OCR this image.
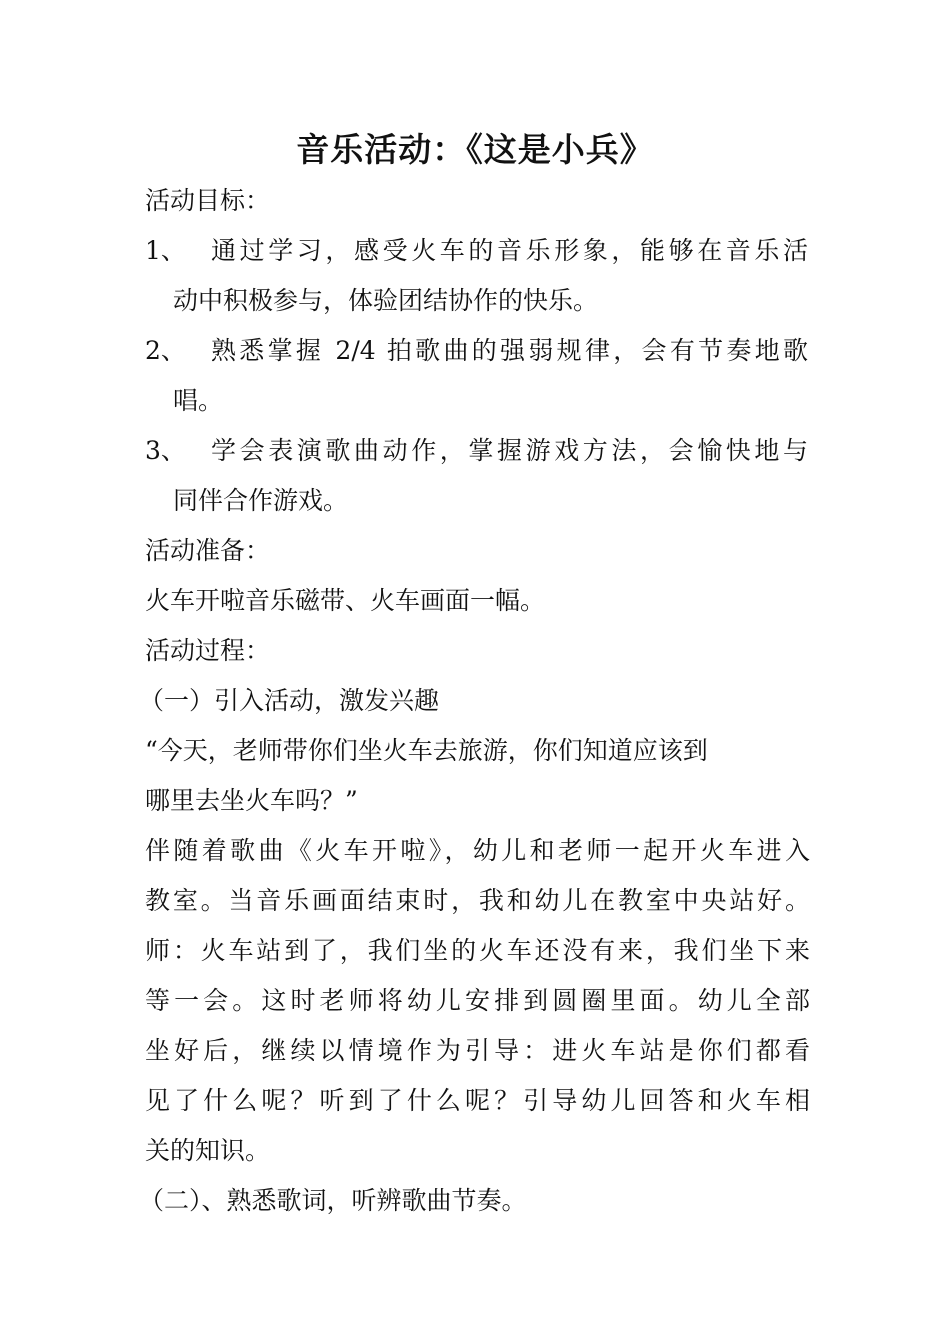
音乐活动：《这是小兵》
活动目标：
1、 通过学习，感受火车的音乐形象，能够在音乐活
动中积极参与，体验团结协作的快乐。
2、 熟悉掌握 2/4 拍歌曲的强弱规律，会有节奏地歌
唱。
3、 学会表演歌曲动作，掌握游戏方法，会愉快地与
同伴合作游戏。
活动准备：
火车开啦音乐磁带、火车画面一幅。
活动过程：
（一）引入活动，激发兴趣
“今天，老师带你们坐火车去旅游，你们知道应该到
哪里去坐火车吗？”
伴随着歌曲《火车开啦》，幼儿和老师一起开火车进入
教室。当音乐画面结束时，我和幼儿在教室中央站好。
师：火车站到了，我们坐的火车还没有来，我们坐下来
等一会。这时老师将幼儿安排到圆圈里面。幼儿全部
坐好后，继续以情境作为引导：进火车站是你们都看
见了什么呢？听到了什么呢？引导幼儿回答和火车相
关的知识。
（二）、熟悉歌词，听辨歌曲节奏。
